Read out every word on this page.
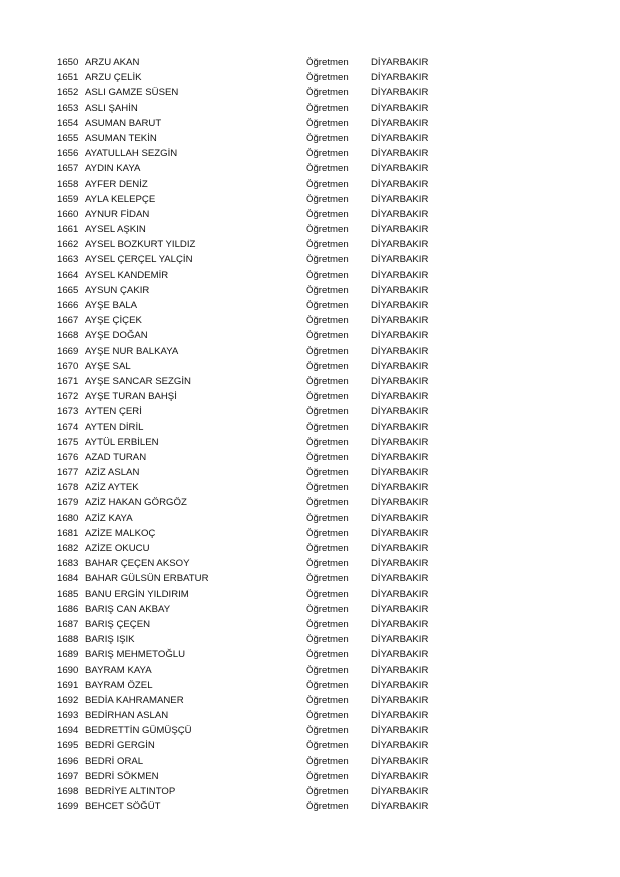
1650 ARZU AKAN	Öğretmen DİYARBAKIR
1651 ARZU ÇELİK	Öğretmen DİYARBAKIR
1652 ASLI GAMZE SÜSEN	Öğretmen DİYARBAKIR
1653 ASLI ŞAHİN	Öğretmen DİYARBAKIR
1654 ASUMAN BARUT	Öğretmen DİYARBAKIR
1655 ASUMAN TEKİN	Öğretmen DİYARBAKIR
1656 AYATULLAH SEZGİN	Öğretmen DİYARBAKIR
1657 AYDIN KAYA	Öğretmen DİYARBAKIR
1658 AYFER DENİZ	Öğretmen DİYARBAKIR
1659 AYLA KELEPÇE	Öğretmen DİYARBAKIR
1660 AYNUR FİDAN	Öğretmen DİYARBAKIR
1661 AYSEL AŞKIN	Öğretmen DİYARBAKIR
1662 AYSEL BOZKURT YILDIZ	Öğretmen DİYARBAKIR
1663 AYSEL ÇERÇEL YALÇİN	Öğretmen DİYARBAKIR
1664 AYSEL KANDEMİR	Öğretmen DİYARBAKIR
1665 AYSUN ÇAKIR	Öğretmen DİYARBAKIR
1666 AYŞE BALA	Öğretmen DİYARBAKIR
1667 AYŞE ÇİÇEK	Öğretmen DİYARBAKIR
1668 AYŞE DOĞAN	Öğretmen DİYARBAKIR
1669 AYŞE NUR BALKAYA	Öğretmen DİYARBAKIR
1670 AYŞE SAL	Öğretmen DİYARBAKIR
1671 AYŞE SANCAR SEZGİN	Öğretmen DİYARBAKIR
1672 AYŞE TURAN BAHŞİ	Öğretmen DİYARBAKIR
1673 AYTEN ÇERİ	Öğretmen DİYARBAKIR
1674 AYTEN DİRİL	Öğretmen DİYARBAKIR
1675 AYTÜL ERBİLEN	Öğretmen DİYARBAKIR
1676 AZAD TURAN	Öğretmen DİYARBAKIR
1677 AZİZ ASLAN	Öğretmen DİYARBAKIR
1678 AZİZ AYTEK	Öğretmen DİYARBAKIR
1679 AZİZ HAKAN GÖRGÖZ	Öğretmen DİYARBAKIR
1680 AZİZ KAYA	Öğretmen DİYARBAKIR
1681 AZİZE MALKOÇ	Öğretmen DİYARBAKIR
1682 AZİZE OKUCU	Öğretmen DİYARBAKIR
1683 BAHAR ÇEÇEN AKSOY	Öğretmen DİYARBAKIR
1684 BAHAR GÜLSÜN ERBATUR	Öğretmen DİYARBAKIR
1685 BANU ERGİN YILDIRIM	Öğretmen DİYARBAKIR
1686 BARIŞ CAN AKBAY	Öğretmen DİYARBAKIR
1687 BARIŞ ÇEÇEN	Öğretmen DİYARBAKIR
1688 BARIŞ IŞIK	Öğretmen DİYARBAKIR
1689 BARIŞ MEHMETOĞLU	Öğretmen DİYARBAKIR
1690 BAYRAM KAYA	Öğretmen DİYARBAKIR
1691 BAYRAM ÖZEL	Öğretmen DİYARBAKIR
1692 BEDİA KAHRAMANER	Öğretmen DİYARBAKIR
1693 BEDİRHAN ASLAN	Öğretmen DİYARBAKIR
1694 BEDRETTİN GÜMÜŞÇÜ	Öğretmen DİYARBAKIR
1695 BEDRİ GERGİN	Öğretmen DİYARBAKIR
1696 BEDRİ ORAL	Öğretmen DİYARBAKIR
1697 BEDRİ SÖKMEN	Öğretmen DİYARBAKIR
1698 BEDRİYE ALTINTOP	Öğretmen DİYARBAKIR
1699 BEHCET SÖĞÜT	Öğretmen DİYARBAKIR
